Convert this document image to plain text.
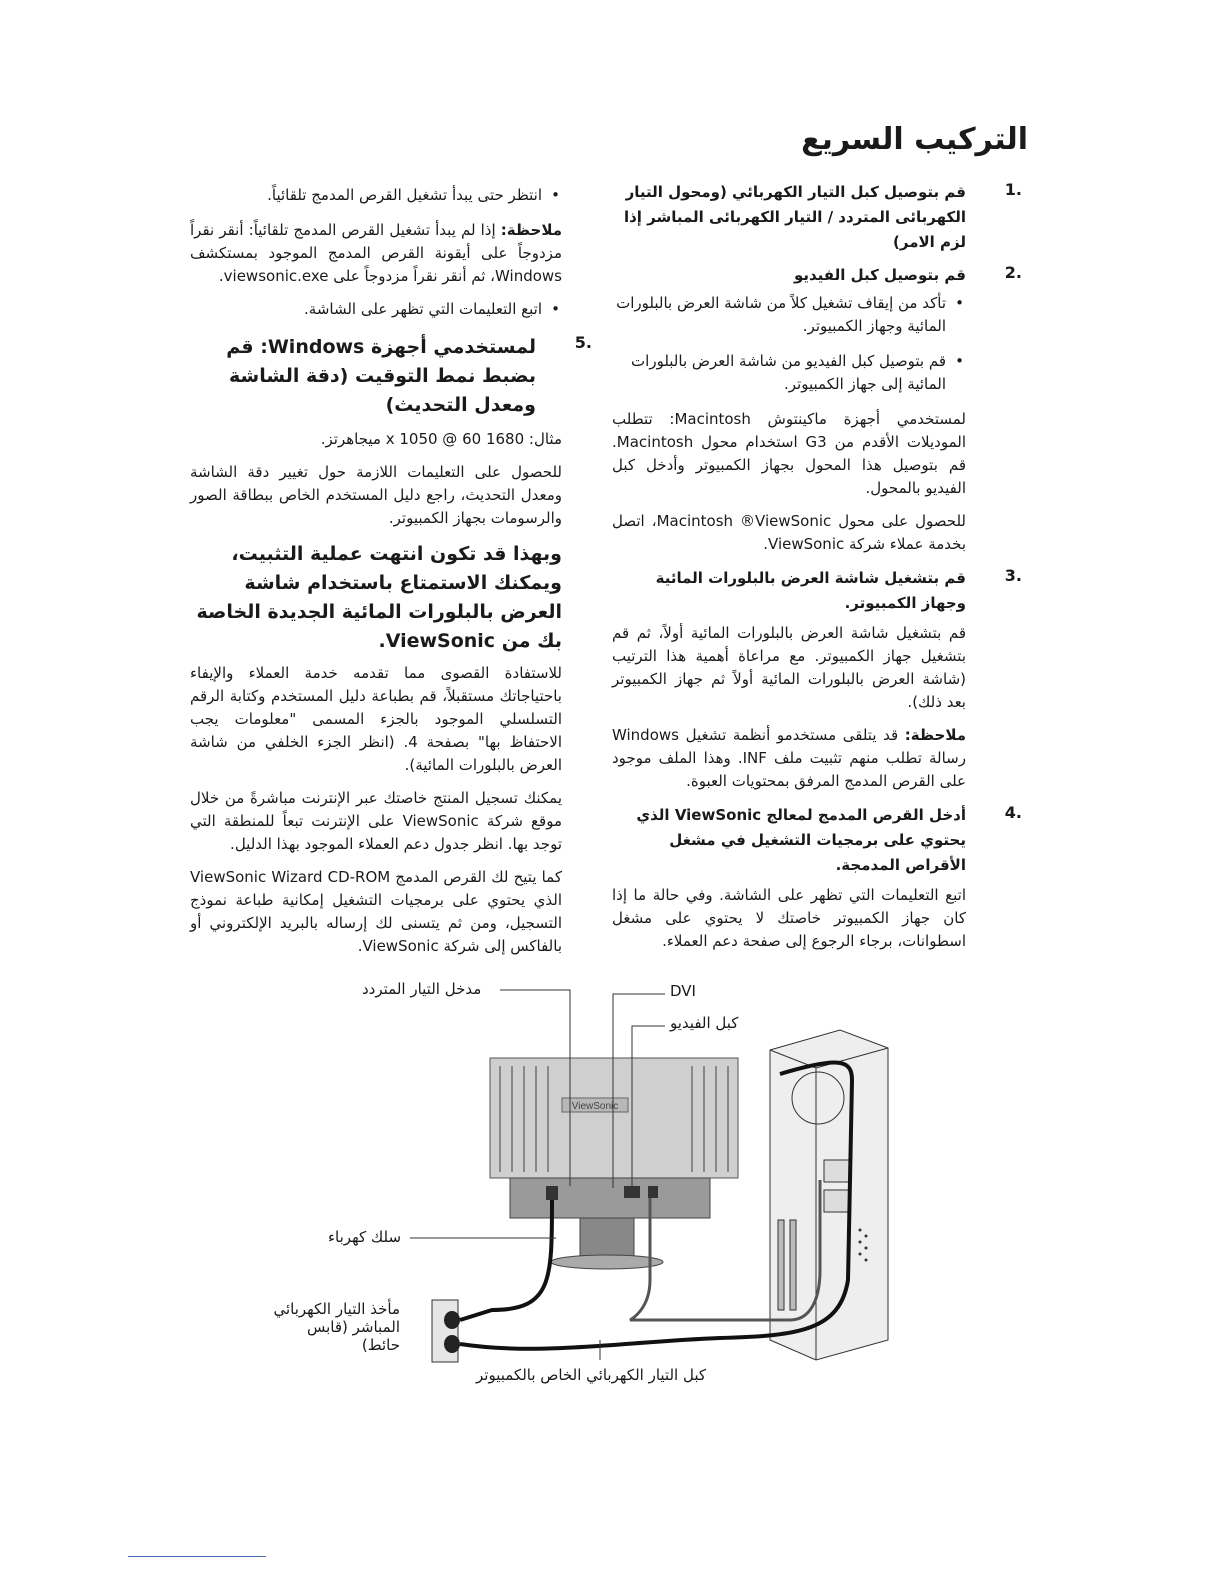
التركيب السريع
1.
قم بتوصيل كبل التيار الكهربائي (ومحول التيار الكهربائى المتردد / التيار الكهربائى المباشر إذا لزم الامر)
2.
قم بتوصيل كبل الفيديو
• تأكد من إيقاف تشغيل كلاً من شاشة العرض بالبلورات المائية وجهاز الكمبيوتر.
• قم بتوصيل كبل الفيديو من شاشة العرض بالبلورات المائية إلى جهاز الكمبيوتر.
لمستخدمي أجهزة ماكينتوش Macintosh: تتطلب الموديلات الأقدم من G3 استخدام محول Macintosh. قم بتوصيل هذا المحول بجهاز الكمبيوتر وأدخل كبل الفيديو بالمحول.
للحصول على محول Macintosh ®ViewSonic، اتصل بخدمة عملاء شركة ViewSonic.
3.
قم بتشغيل شاشة العرض بالبلورات المائية وجهاز الكمبيوتر.
قم بتشغيل شاشة العرض بالبلورات المائية أولاً، ثم قم بتشغيل جهاز الكمبيوتر. مع مراعاة أهمية هذا الترتيب (شاشة العرض بالبلورات المائية أولاً ثم جهاز الكمبيوتر بعد ذلك).
ملاحظة: قد يتلقى مستخدمو أنظمة تشغيل Windows رسالة تطلب منهم تثبيت ملف INF. وهذا الملف موجود على القرص المدمج المرفق بمحتويات العبوة.
4.
أدخل القرص المدمج لمعالج ViewSonic الذي يحتوي على برمجيات التشغيل في مشغل الأقراص المدمجة.
اتبع التعليمات التي تظهر على الشاشة. وفي حالة ما إذا كان جهاز الكمبيوتر خاصتك لا يحتوي على مشغل اسطوانات، برجاء الرجوع إلى صفحة دعم العملاء.
• انتظر حتى يبدأ تشغيل القرص المدمج تلقائياً.
ملاحظة: إذا لم يبدأ تشغيل القرص المدمج تلقائياً: أنقر نقراً مزدوجاً على أيقونة القرص المدمج الموجود بمستكشف Windows، ثم أنقر نقراً مزدوجاً على viewsonic.exe.
• اتبع التعليمات التي تظهر على الشاشة.
5.
لمستخدمي أجهزة Windows: قم بضبط نمط التوقيت (دقة الشاشة ومعدل التحديث)
مثال: 1680 x 1050 @ 60 ميجاهرتز.
للحصول على التعليمات اللازمة حول تغيير دقة الشاشة ومعدل التحديث، راجع دليل المستخدم الخاص ببطاقة الصور والرسومات بجهاز الكمبيوتر.
وبهذا قد تكون انتهت عملية التثبيت، ويمكنك الاستمتاع باستخدام شاشة العرض بالبلورات المائية الجديدة الخاصة بك من ViewSonic.
للاستفادة القصوى مما تقدمه خدمة العملاء والإيفاء باحتياجاتك مستقبلاً، قم بطباعة دليل المستخدم وكتابة الرقم التسلسلي الموجود بالجزء المسمى "معلومات يجب الاحتفاظ بها" بصفحة 4. (انظر الجزء الخلفي من شاشة العرض بالبلورات المائية).
يمكنك تسجيل المنتج خاصتك عبر الإنترنت مباشرةً من خلال موقع شركة ViewSonic على الإنترنت تبعاً للمنطقة التي توجد بها. انظر جدول دعم العملاء الموجود بهذا الدليل.
كما يتيح لك القرص المدمج ViewSonic Wizard CD-ROM الذي يحتوي على برمجيات التشغيل إمكانية طباعة نموذج التسجيل، ومن ثم يتسنى لك إرساله بالبريد الإلكتروني أو بالفاكس إلى شركة ViewSonic.
ViewSonic
مدخل التيار المتردد	DVI
كبل الفيديو
سلك كهرباء
مأخذ التيار الكهربائي المباشر (قابس حائط)
كبل التيار الكهربائي الخاص بالكمبيوتر
